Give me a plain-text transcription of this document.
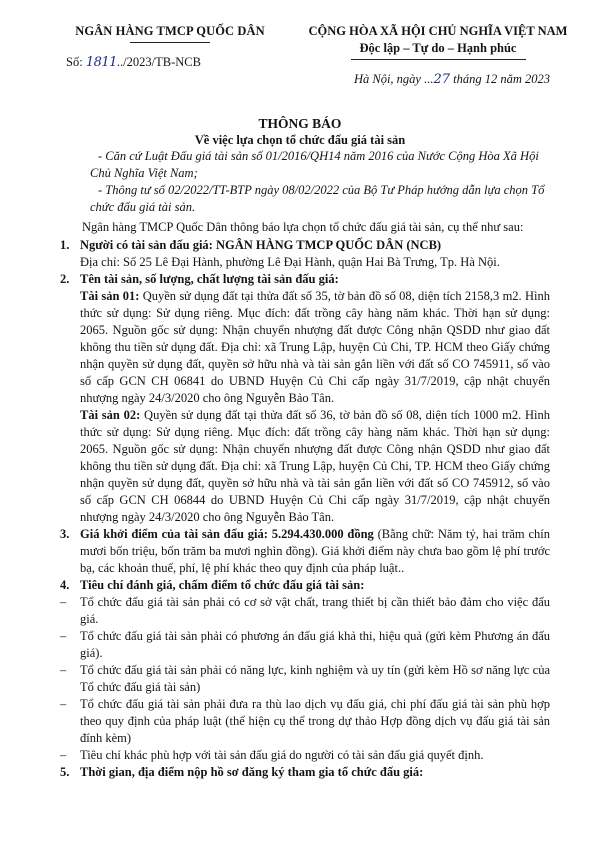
NGÂN HÀNG TMCP QUỐC DÂN
Số: 1811../2023/TB-NCB
CỘNG HÒA XÃ HỘI CHỦ NGHĨA VIỆT NAM
Độc lập – Tự do – Hạnh phúc
Hà Nội, ngày ...27 tháng 12 năm 2023
THÔNG BÁO
Về việc lựa chọn tổ chức đấu giá tài sản

- Căn cứ Luật Đấu giá tài sản số 01/2016/QH14 năm 2016 của Nước Cộng Hòa Xã Hội Chủ Nghĩa Việt Nam;

- Thông tư số 02/2022/TT-BTP ngày 08/02/2022 của Bộ Tư Pháp hướng dẫn lựa chọn Tổ chức đấu giá tài sản.

Ngân hàng TMCP Quốc Dân thông báo lựa chọn tổ chức đấu giá tài sản, cụ thể như sau:

1. Người có tài sản đấu giá: NGÂN HÀNG TMCP QUỐC DÂN (NCB)

Địa chỉ: Số 25 Lê Đại Hành, phường Lê Đại Hành, quận Hai Bà Trưng, Tp. Hà Nội.

2. Tên tài sản, số lượng, chất lượng tài sản đấu giá:

Tài sản 01: Quyền sử dụng đất tại thửa đất số 35, tờ bản đồ số 08, diện tích 2158,3 m2. Hình thức sử dụng: Sử dụng riêng. Mục đích: đất trồng cây hàng năm khác. Thời hạn sử dụng: 2065. Nguồn gốc sử dụng: Nhận chuyển nhượng đất được Công nhận QSDD như giao đất không thu tiền sử dụng đất. Địa chỉ: xã Trung Lập, huyện Củ Chi, TP. HCM theo Giấy chứng nhận quyền sử dụng đất, quyền sở hữu nhà và tài sản gắn liền với đất số CO 745911, số vào số cấp GCN CH 06841 do UBND Huyện Củ Chi cấp ngày 31/7/2019, cập nhật chuyển nhượng ngày 24/3/2020 cho ông Nguyễn Bảo Tân.

Tài sản 02: Quyền sử dụng đất tại thửa đất số 36, tờ bản đồ số 08, diện tích 1000 m2. Hình thức sử dụng: Sử dụng riêng. Mục đích: đất trồng cây hàng năm khác. Thời hạn sử dụng: 2065. Nguồn gốc sử dụng: Nhận chuyển nhượng đất được Công nhận QSDD như giao đất không thu tiền sử dụng đất. Địa chỉ: xã Trung Lập, huyện Củ Chi, TP. HCM theo Giấy chứng nhận quyền sử dụng đất, quyền sở hữu nhà và tài sản gắn liền với đất số CO 745912, số vào số cấp GCN CH 06844 do UBND Huyện Củ Chi cấp ngày 31/7/2019, cập nhật chuyển nhượng ngày 24/3/2020 cho ông Nguyễn Bảo Tân.

3. Giá khởi điểm của tài sản đấu giá: 5.294.430.000 đồng (Bằng chữ: Năm tỷ, hai trăm chín mươi bốn triệu, bốn trăm ba mươi nghìn đồng). Giá khởi điểm này chưa bao gồm lệ phí trước bạ, các khoản thuế, phí, lệ phí khác theo quy định của pháp luật..

4. Tiêu chí đánh giá, chấm điểm tổ chức đấu giá tài sản:

–	Tổ chức đấu giá tài sản phải có cơ sở vật chất, trang thiết bị cần thiết bảo đảm cho việc đấu giá.
–	Tổ chức đấu giá tài sản phải có phương án đấu giá khả thi, hiệu quả (gửi kèm Phương án đấu giá).
–	Tổ chức đấu giá tài sản phải có năng lực, kinh nghiệm và uy tín (gửi kèm Hồ sơ năng lực của Tổ chức đấu giá tài sản)
–	Tổ chức đấu giá tài sản phải đưa ra thù lao dịch vụ đấu giá, chi phí đấu giá tài sản phù hợp theo quy định của pháp luật (thể hiện cụ thể trong dự thảo Hợp đồng dịch vụ đấu giá tài sản đính kèm)
–	Tiêu chí khác phù hợp với tài sản đấu giá do người có tài sản đấu giá quyết định.
5. Thời gian, địa điểm nộp hồ sơ đăng ký tham gia tổ chức đấu giá:
